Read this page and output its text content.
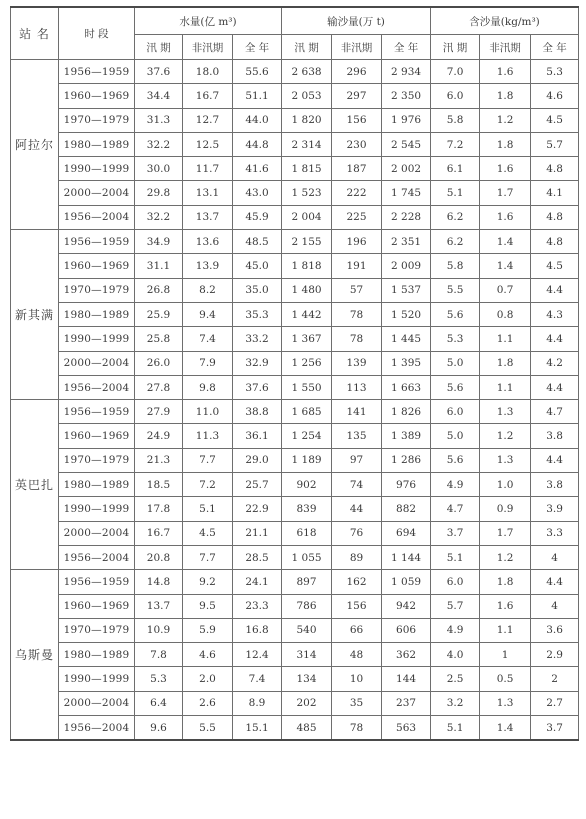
站 名	时 段	水量(亿 m³)			输沙量(万 t)			含沙量(kg/m³)		
		汛 期	非汛期	全 年	汛 期	非汛期	全 年	汛 期	非汛期	全 年
阿拉尔	1956—1959	37.6	18.0	55.6	2 638	296	2 934	7.0	1.6	5.3
	1960—1969	34.4	16.7	51.1	2 053	297	2 350	6.0	1.8	4.6
	1970—1979	31.3	12.7	44.0	1 820	156	1 976	5.8	1.2	4.5
	1980—1989	32.2	12.5	44.8	2 314	230	2 545	7.2	1.8	5.7
	1990—1999	30.0	11.7	41.6	1 815	187	2 002	6.1	1.6	4.8
	2000—2004	29.8	13.1	43.0	1 523	222	1 745	5.1	1.7	4.1
	1956—2004	32.2	13.7	45.9	2 004	225	2 228	6.2	1.6	4.8
新其满	1956—1959	34.9	13.6	48.5	2 155	196	2 351	6.2	1.4	4.8
	1960—1969	31.1	13.9	45.0	1 818	191	2 009	5.8	1.4	4.5
	1970—1979	26.8	8.2	35.0	1 480	57	1 537	5.5	0.7	4.4
	1980—1989	25.9	9.4	35.3	1 442	78	1 520	5.6	0.8	4.3
	1990—1999	25.8	7.4	33.2	1 367	78	1 445	5.3	1.1	4.4
	2000—2004	26.0	7.9	32.9	1 256	139	1 395	5.0	1.8	4.2
	1956—2004	27.8	9.8	37.6	1 550	113	1 663	5.6	1.1	4.4
英巴扎	1956—1959	27.9	11.0	38.8	1 685	141	1 826	6.0	1.3	4.7
	1960—1969	24.9	11.3	36.1	1 254	135	1 389	5.0	1.2	3.8
	1970—1979	21.3	7.7	29.0	1 189	97	1 286	5.6	1.3	4.4
	1980—1989	18.5	7.2	25.7	902	74	976	4.9	1.0	3.8
	1990—1999	17.8	5.1	22.9	839	44	882	4.7	0.9	3.9
	2000—2004	16.7	4.5	21.1	618	76	694	3.7	1.7	3.3
	1956—2004	20.8	7.7	28.5	1 055	89	1 144	5.1	1.2	4
乌斯曼	1956—1959	14.8	9.2	24.1	897	162	1 059	6.0	1.8	4.4
	1960—1969	13.7	9.5	23.3	786	156	942	5.7	1.6	4
	1970—1979	10.9	5.9	16.8	540	66	606	4.9	1.1	3.6
	1980—1989	7.8	4.6	12.4	314	48	362	4.0	1	2.9
	1990—1999	5.3	2.0	7.4	134	10	144	2.5	0.5	2
	2000—2004	6.4	2.6	8.9	202	35	237	3.2	1.3	2.7
	1956—2004	9.6	5.5	15.1	485	78	563	5.1	1.4	3.7
